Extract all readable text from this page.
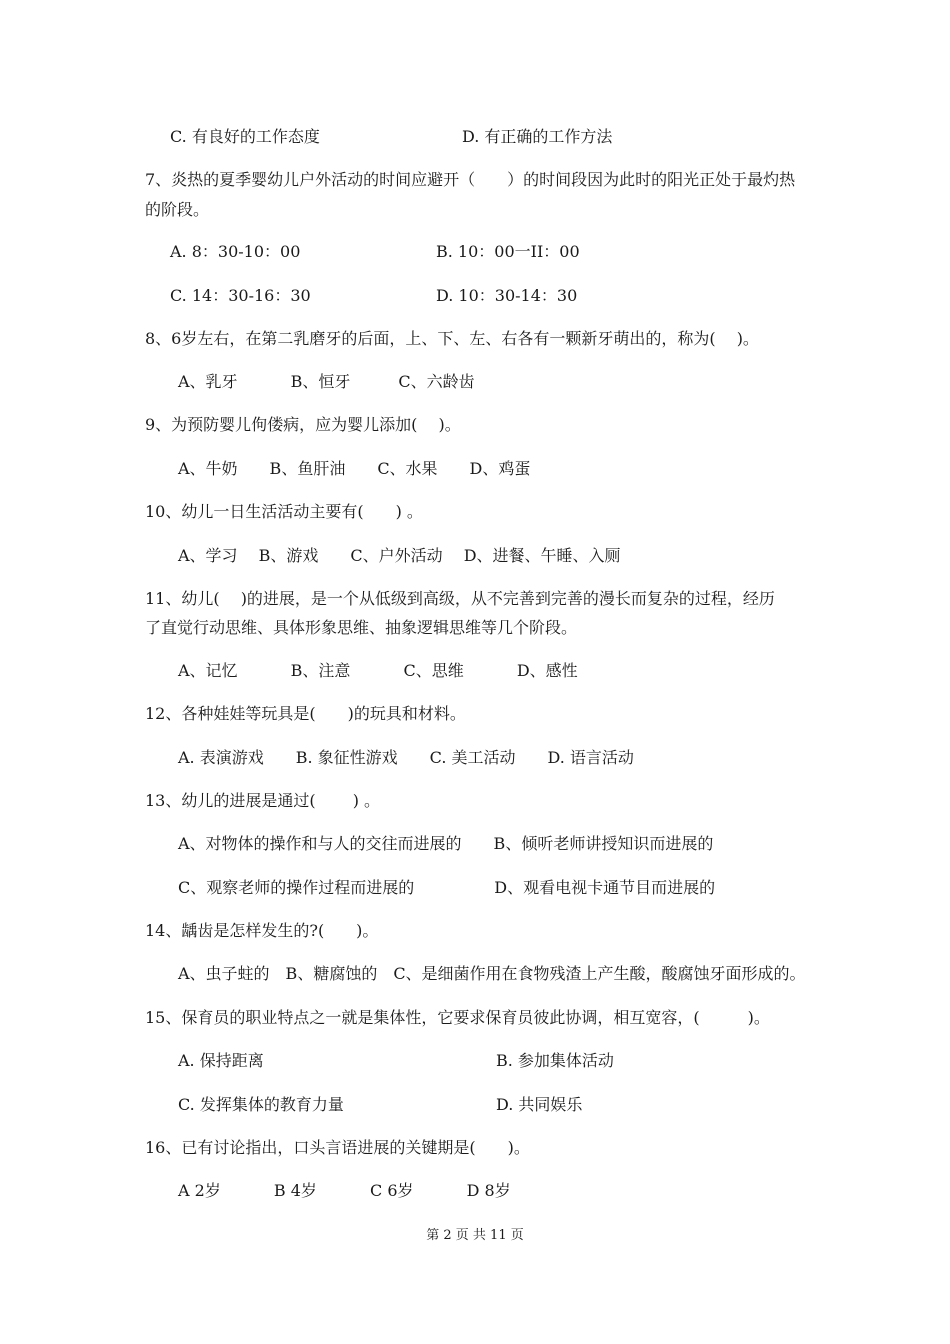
C. 有良好的工作态度	D. 有正确的工作方法
7、炎热的夏季婴幼儿户外活动的时间应避开（　　）的时间段因为此时的阳光正处于最灼热
的阶段。
A. 8：30-10：00	B. 10：00一II：00
C. 14：30-16：30	D. 10：30-14：30
8、6岁左右，在第二乳磨牙的后面，上、下、左、右各有一颗新牙萌出的，称为(　 )。
A、乳牙　　　 B、恒牙　　　C、六龄齿
9、为预防婴儿佝偻病，应为婴儿添加(　 )。
A、牛奶　　B、鱼肝油　　C、水果　　D、鸡蛋
10、幼儿一日生活活动主要有(　　) 。
A、学习　 B、游戏　　C、户外活动　 D、进餐、午睡、入厕
11、幼儿(　 )的进展，是一个从低级到高级，从不完善到完善的漫长而复杂的过程，经历
了直觉行动思维、具体形象思维、抽象逻辑思维等几个阶段。
A、记忆　　　 B、注意　　　 C、思维　　　 D、感性
12、各种娃娃等玩具是(　　)的玩具和材料。
A. 表演游戏　　B. 象征性游戏　　C. 美工活动　　D. 语言活动
13、幼儿的进展是通过(　　 ) 。
A、对物体的操作和与人的交往而进展的　　B、倾听老师讲授知识而进展的
C、观察老师的操作过程而进展的　　　　　D、观看电视卡通节目而进展的
14、龋齿是怎样发生的?(　　)。
A、虫子蛀的　B、糖腐蚀的　C、是细菌作用在食物残渣上产生酸，酸腐蚀牙面形成的。
15、保育员的职业特点之一就是集体性，它要求保育员彼此协调，相互宽容，(　　　)。
A. 保持距离	B. 参加集体活动
C. 发挥集体的教育力量	D. 共同娱乐
16、已有讨论指出，口头言语进展的关键期是(　　)。
A 2岁　　　 B 4岁　　　 C 6岁　　　 D 8岁
第 2 页 共 11 页
